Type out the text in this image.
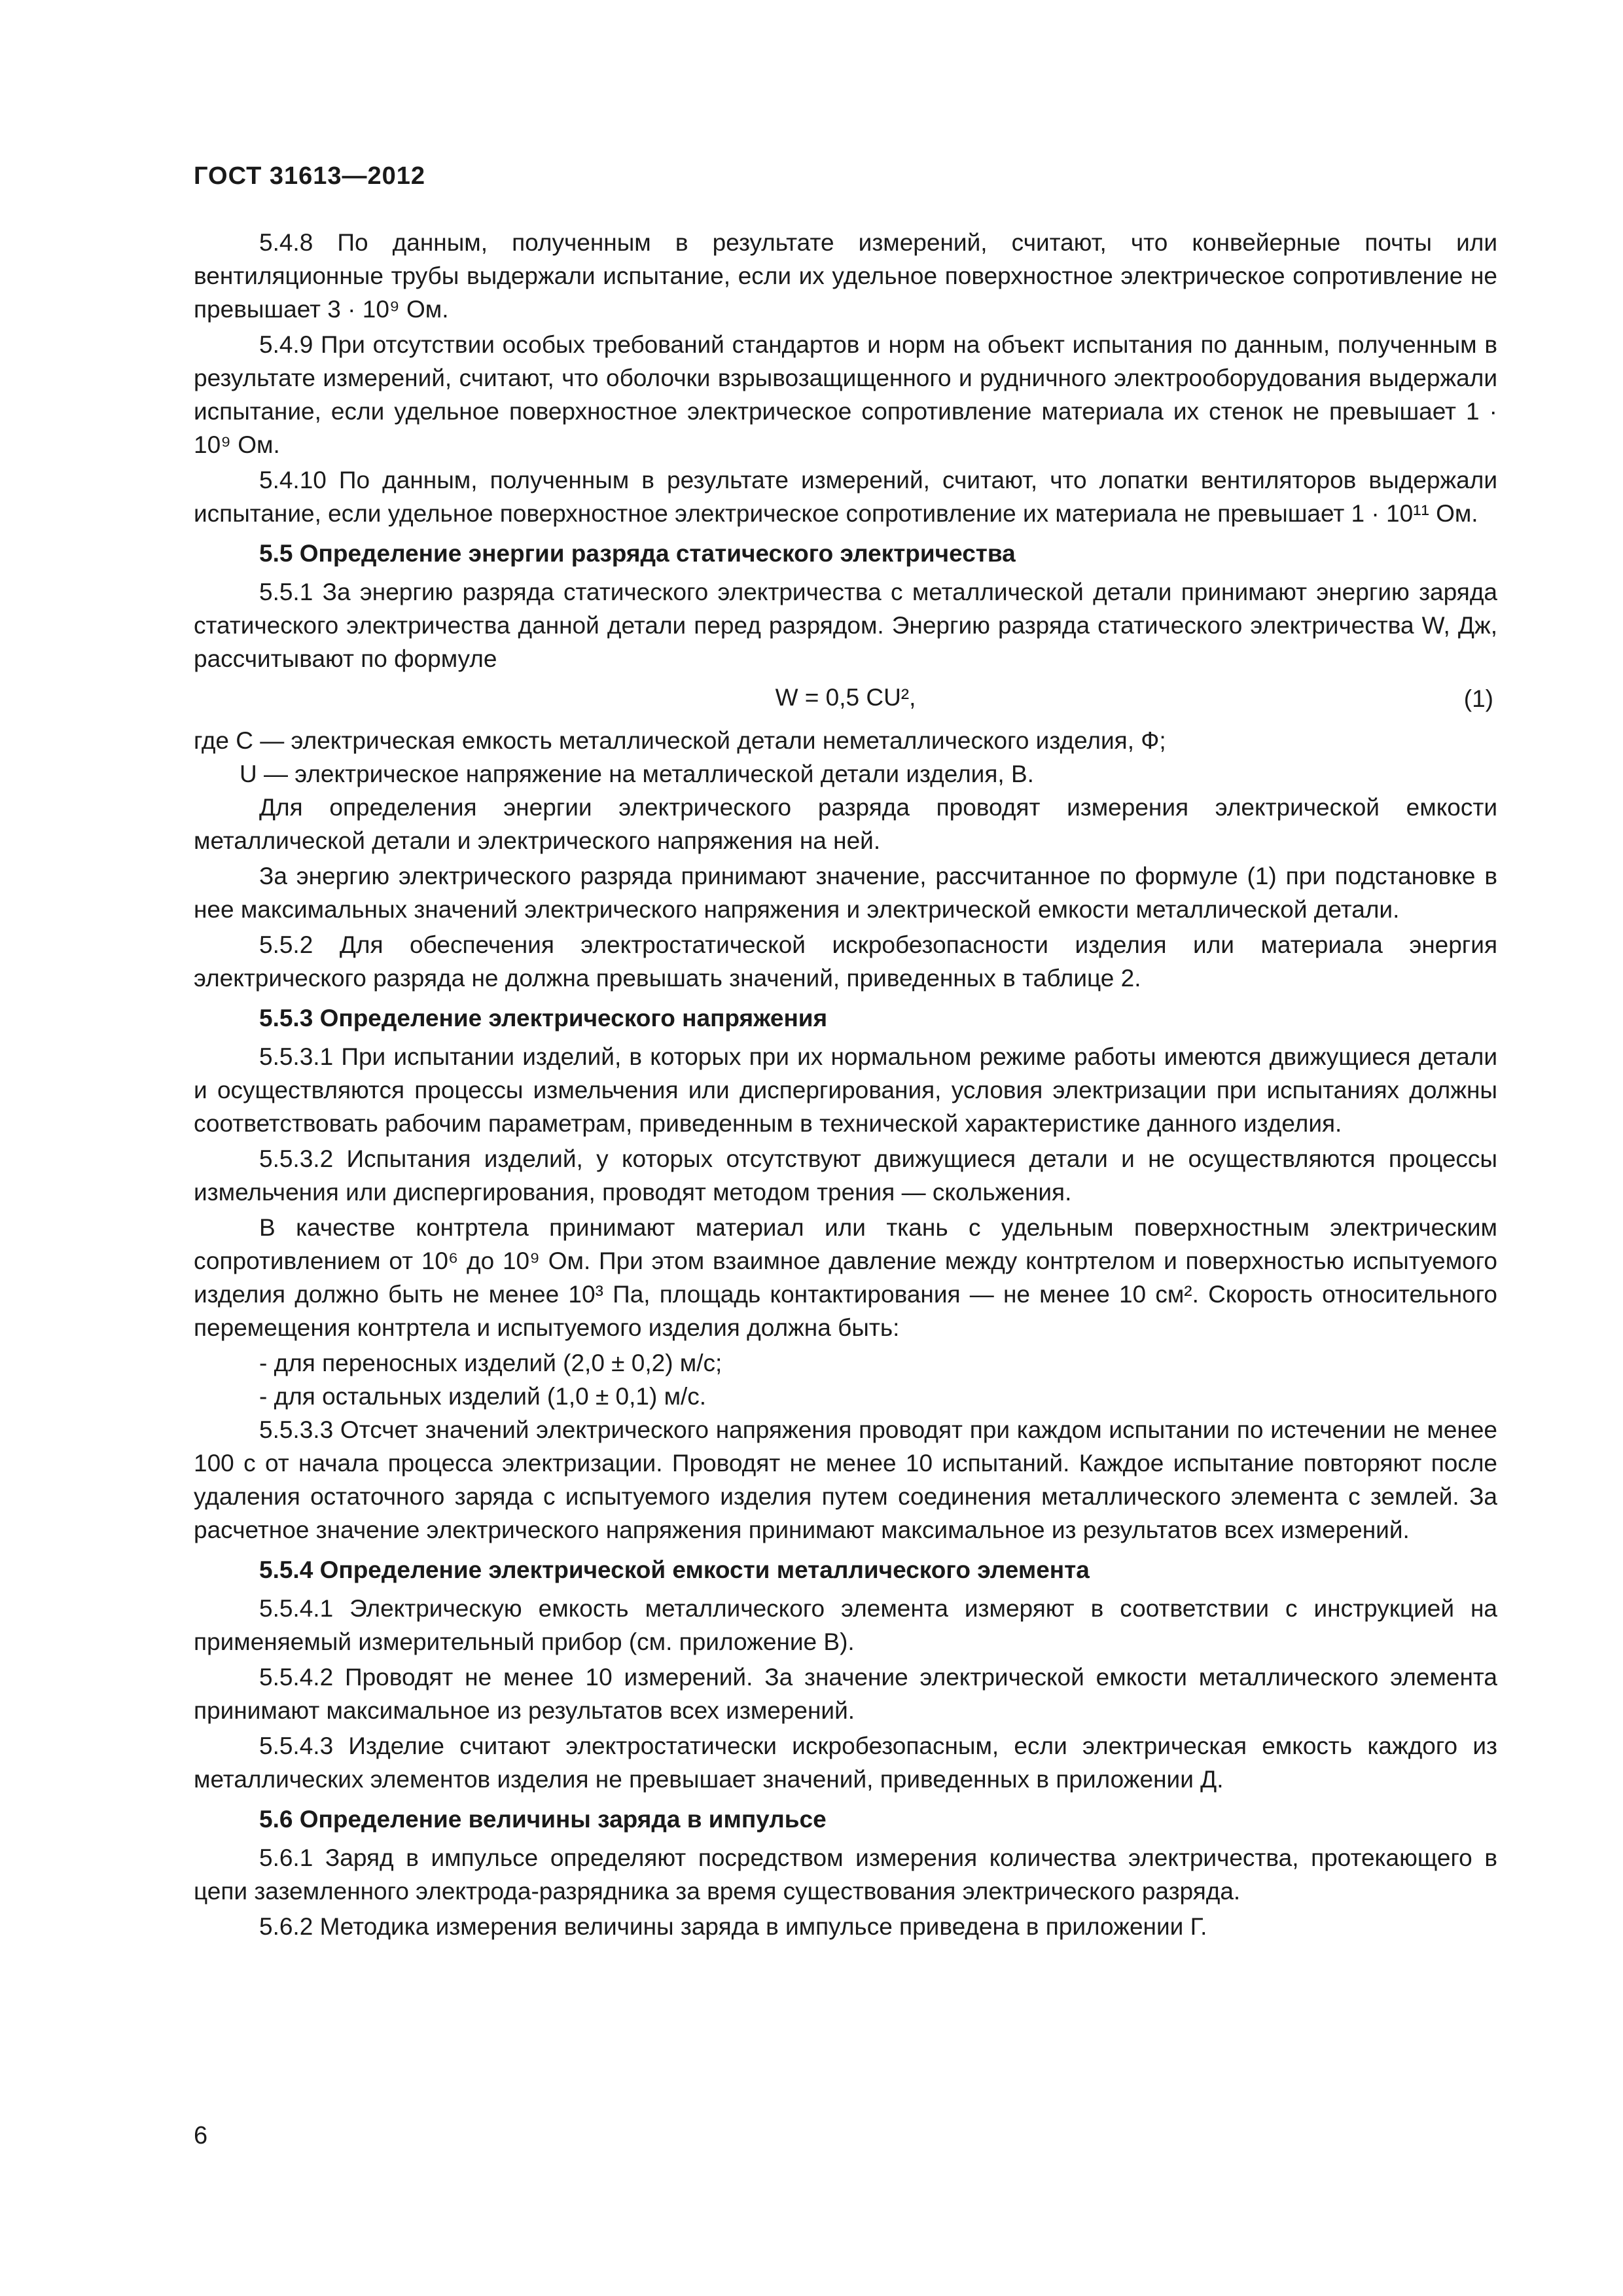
ГОСТ 31613—2012

5.4.8 По данным, полученным в результате измерений, считают, что конвейерные почты или вентиляционные трубы выдержали испытание, если их удельное поверхностное электрическое сопротивление не превышает 3 · 10⁹ Ом.

5.4.9 При отсутствии особых требований стандартов и норм на объект испытания по данным, полученным в результате измерений, считают, что оболочки взрывозащищенного и рудничного электрооборудования выдержали испытание, если удельное поверхностное электрическое сопротивление материала их стенок не превышает 1 · 10⁹ Ом.

5.4.10 По данным, полученным в результате измерений, считают, что лопатки вентиляторов выдержали испытание, если удельное поверхностное электрическое сопротивление их материала не превышает 1 · 10¹¹ Ом.

5.5 Определение энергии разряда статического электричества

5.5.1 За энергию разряда статического электричества с металлической детали принимают энергию заряда статического электричества данной детали перед разрядом. Энергию разряда статического электричества W, Дж, рассчитывают по формуле

W = 0,5 CU²,	(1)

где C — электрическая емкость металлической детали неметаллического изделия, Ф;

U — электрическое напряжение на металлической детали изделия, В.

Для определения энергии электрического разряда проводят измерения электрической емкости металлической детали и электрического напряжения на ней.

За энергию электрического разряда принимают значение, рассчитанное по формуле (1) при подстановке в нее максимальных значений электрического напряжения и электрической емкости металлической детали.

5.5.2 Для обеспечения электростатической искробезопасности изделия или материала энергия электрического разряда не должна превышать значений, приведенных в таблице 2.

5.5.3 Определение электрического напряжения

5.5.3.1 При испытании изделий, в которых при их нормальном режиме работы имеются движущиеся детали и осуществляются процессы измельчения или диспергирования, условия электризации при испытаниях должны соответствовать рабочим параметрам, приведенным в технической характеристике данного изделия.

5.5.3.2 Испытания изделий, у которых отсутствуют движущиеся детали и не осуществляются процессы измельчения или диспергирования, проводят методом трения — скольжения.

В качестве контртела принимают материал или ткань с удельным поверхностным электрическим сопротивлением от 10⁶ до 10⁹ Ом. При этом взаимное давление между контртелом и поверхностью испытуемого изделия должно быть не менее 10³ Па, площадь контактирования — не менее 10 см². Скорость относительного перемещения контртела и испытуемого изделия должна быть:

- для переносных изделий (2,0 ± 0,2) м/с;

- для остальных изделий (1,0 ± 0,1) м/с.

5.5.3.3 Отсчет значений электрического напряжения проводят при каждом испытании по истечении не менее 100 с от начала процесса электризации. Проводят не менее 10 испытаний. Каждое испытание повторяют после удаления остаточного заряда с испытуемого изделия путем соединения металлического элемента с землей. За расчетное значение электрического напряжения принимают максимальное из результатов всех измерений.

5.5.4 Определение электрической емкости металлического элемента

5.5.4.1 Электрическую емкость металлического элемента измеряют в соответствии с инструкцией на применяемый измерительный прибор (см. приложение В).

5.5.4.2 Проводят не менее 10 измерений. За значение электрической емкости металлического элемента принимают максимальное из результатов всех измерений.

5.5.4.3 Изделие считают электростатически искробезопасным, если электрическая емкость каждого из металлических элементов изделия не превышает значений, приведенных в приложении Д.

5.6 Определение величины заряда в импульсе

5.6.1 Заряд в импульсе определяют посредством измерения количества электричества, протекающего в цепи заземленного электрода-разрядника за время существования электрического разряда.

5.6.2 Методика измерения величины заряда в импульсе приведена в приложении Г.

6
